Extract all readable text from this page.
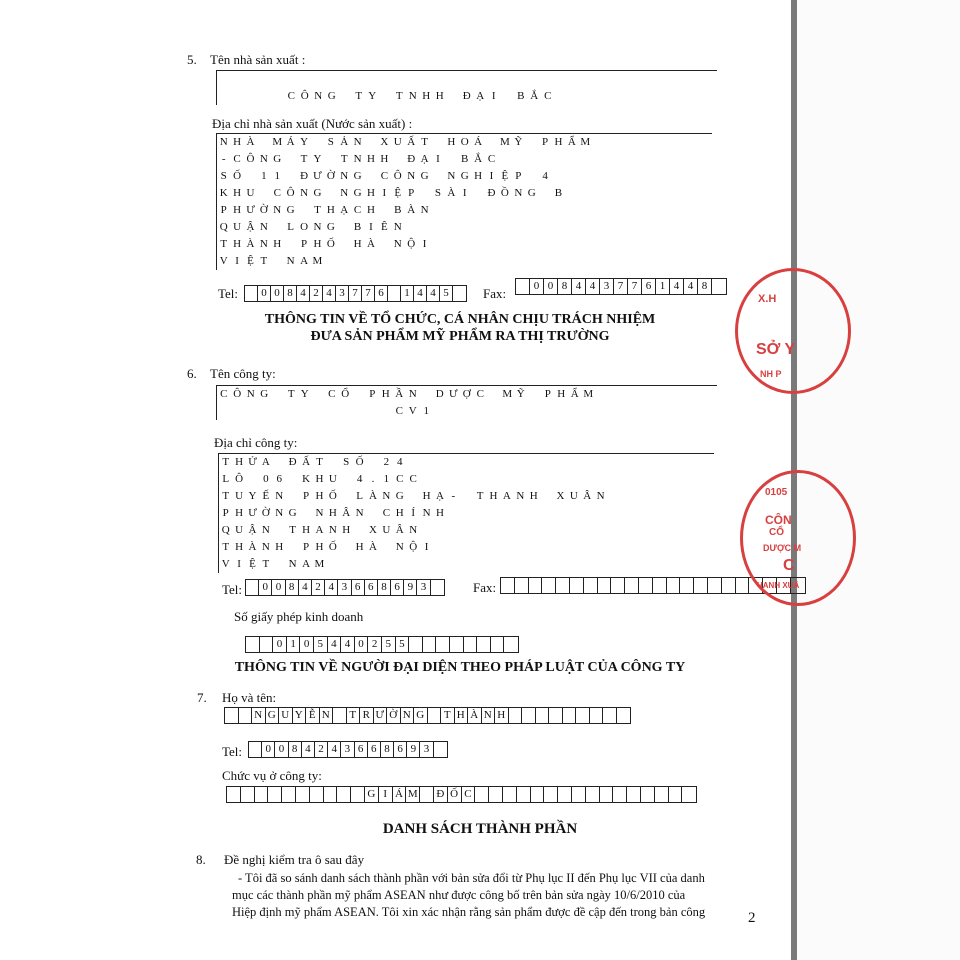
5. Tên nhà sản xuất :
C Ô N G	T Y	T N H H Đ Ạ I	B Ắ C
Địa chỉ nhà sản xuất (Nước sản xuất) :
N H À M Á Y	S Ả N X U Ấ T	H O Á M Ỹ	P H Ẩ M
- C Ô N G	T Y	T N H H Đ Ạ I	B Ắ C
S Ố	1 1	Đ Ư Ờ N G C Ô N G N G H I Ệ P	4
K H U C Ô N G N G H I Ệ P	S À I	Đ Ồ N G B
P H Ư Ờ N G	T H Ạ C H B À N
Q U Ậ N	L O N G B I Ê N
T H À N H	P H Ố H À N Ộ I
V I Ệ T	N A M
Tel: 0 0 8 4 2 4 3 7 7 6	1 4 4 5	Fax:	0 0 8 4 4 3 7 7 6 1 4 4 8
THÔNG TIN VỀ TỔ CHỨC, CÁ NHÂN CHỊU TRÁCH NHIỆM
ĐƯA SẢN PHẨM MỸ PHẨM RA THỊ TRƯỜNG
6. Tên công ty:
C Ô N G	T Y C Ổ	P H Ầ N D Ư Ợ C M Ỹ	P H Ẩ M
C V 1
Địa chỉ công ty:
T H Ử A Đ Ấ T	S Ố	2 4
L Ô	0 6	K H U	4 . 1 C C
T U Y Ế N	P H Ố	L À N G H Ạ -	T H A N H X U Â N
P H Ư Ờ N G N H Â N C H Í N H
Q U Ậ N	T H A N H X U Â N
T H À N H	P H Ố H À N Ộ I
V I Ệ T	N A M
Tel:	0 0 8 4 2 4 3 6 6 8 6 9 3	Fax:
Số giấy phép kinh doanh
0 1 0 5 4 4 0 2 5 5
THÔNG TIN VỀ NGƯỜI ĐẠI DIỆN THEO PHÁP LUẬT CỦA CÔNG TY
7. Họ và tên:
N G U Y Ễ N T R Ư Ờ N G T H À N H
Tel:	0 0 8 4 2 4 3 6 6 8 6 9 3
Chức vụ ở công ty:
G I Á M Đ Ố C
DANH SÁCH THÀNH PHẦN
8. Đề nghị kiểm tra ô sau đây
- Tôi đã so sánh danh sách thành phần với bản sửa đổi từ Phụ lục II đến Phụ lục VII của danh
mục các thành phần mỹ phẩm ASEAN như được công bố trên bản sửa ngày 10/6/2010 của
Hiệp định mỹ phẩm ASEAN. Tôi xin xác nhận rằng sản phẩm được đề cập đến trong bản công	2
X.H
SỞ Y
NH P
0105
CÔN
CỔ
DƯỢC M
C
HANH XUÂ
